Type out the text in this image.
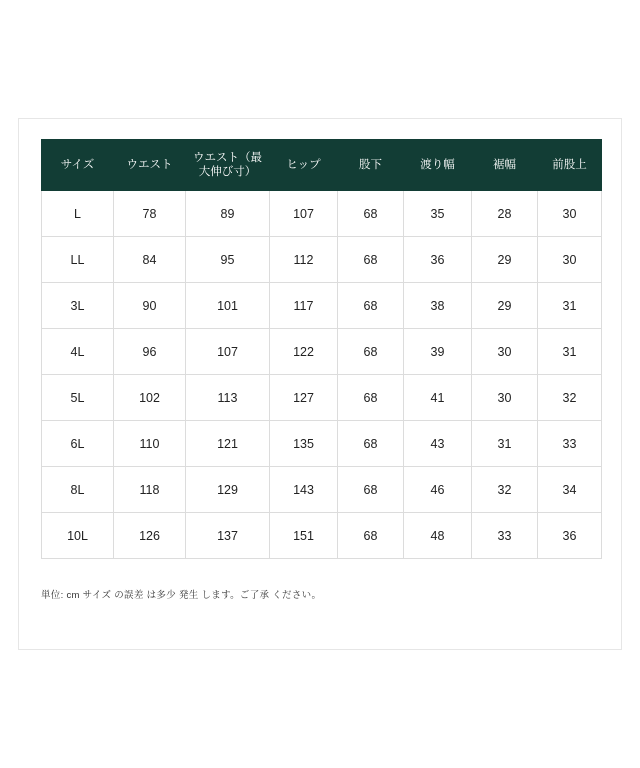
サイズ	ウエスト	ウエスト（最大伸び寸）	ヒップ	股下	渡り幅	裾幅	前股上
L	78	89	107	68	35	28	30
LL	84	95	112	68	36	29	30
3L	90	101	117	68	38	29	31
4L	96	107	122	68	39	30	31
5L	102	113	127	68	41	30	32
6L	110	121	135	68	43	31	33
8L	118	129	143	68	46	32	34
10L	126	137	151	68	48	33	36
単位: cm サイズ の誤差 は多少 発生 します。ご了承 ください。
